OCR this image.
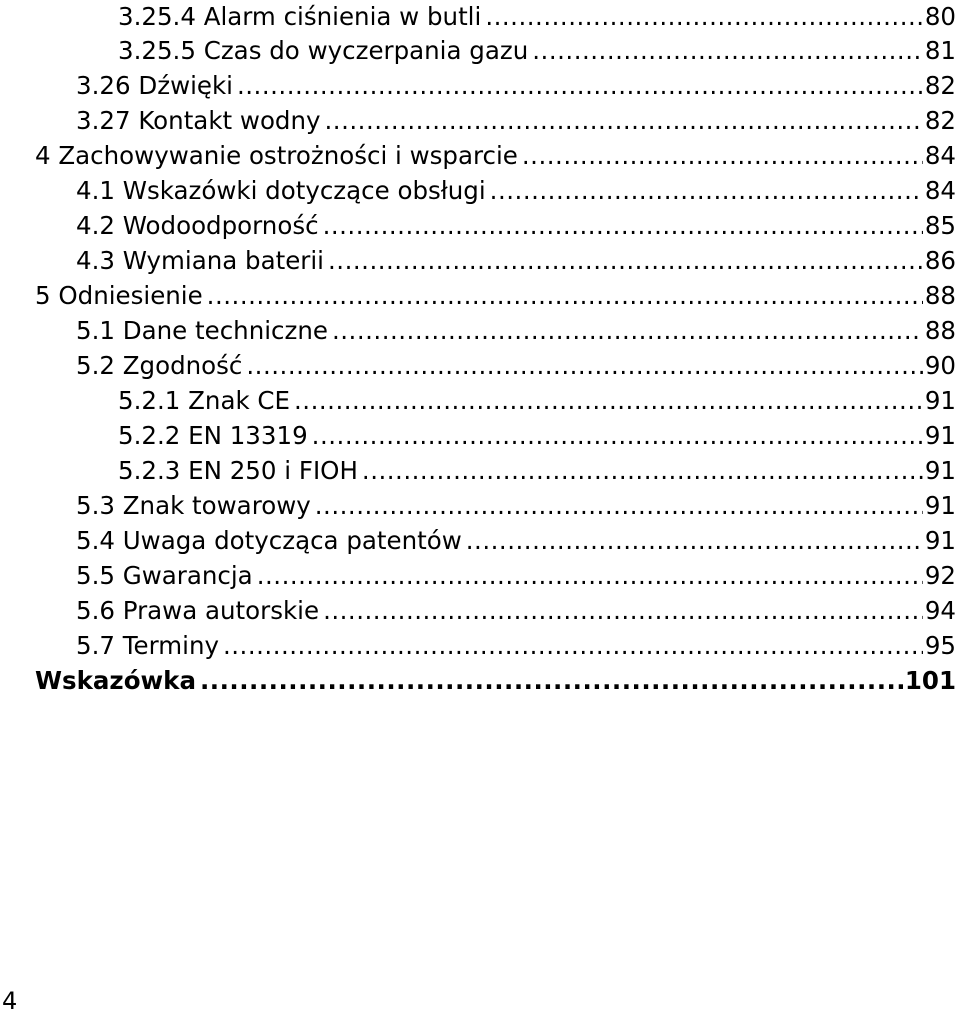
3.25.4 Alarm ciśnienia w butli .....	80
3.25.5 Czas do wyczerpania gazu .....	81
3.26 Dźwięki .....	82
3.27 Kontakt wodny .....	82
4 Zachowywanie ostrożności i wsparcie .....	84
4.1 Wskazówki dotyczące obsługi .....	84
4.2 Wodoodporność .....	85
4.3 Wymiana baterii .....	86
5 Odniesienie .....	88
5.1 Dane techniczne .....	88
5.2 Zgodność .....	90
5.2.1 Znak CE .....	91
5.2.2 EN 13319 .....	91
5.2.3 EN 250 i FIOH .....	91
5.3 Znak towarowy .....	91
5.4 Uwaga dotycząca patentów .....	91
5.5 Gwarancja .....	92
5.6 Prawa autorskie .....	94
5.7 Terminy .....	95
Wskazówka .....	101
4
